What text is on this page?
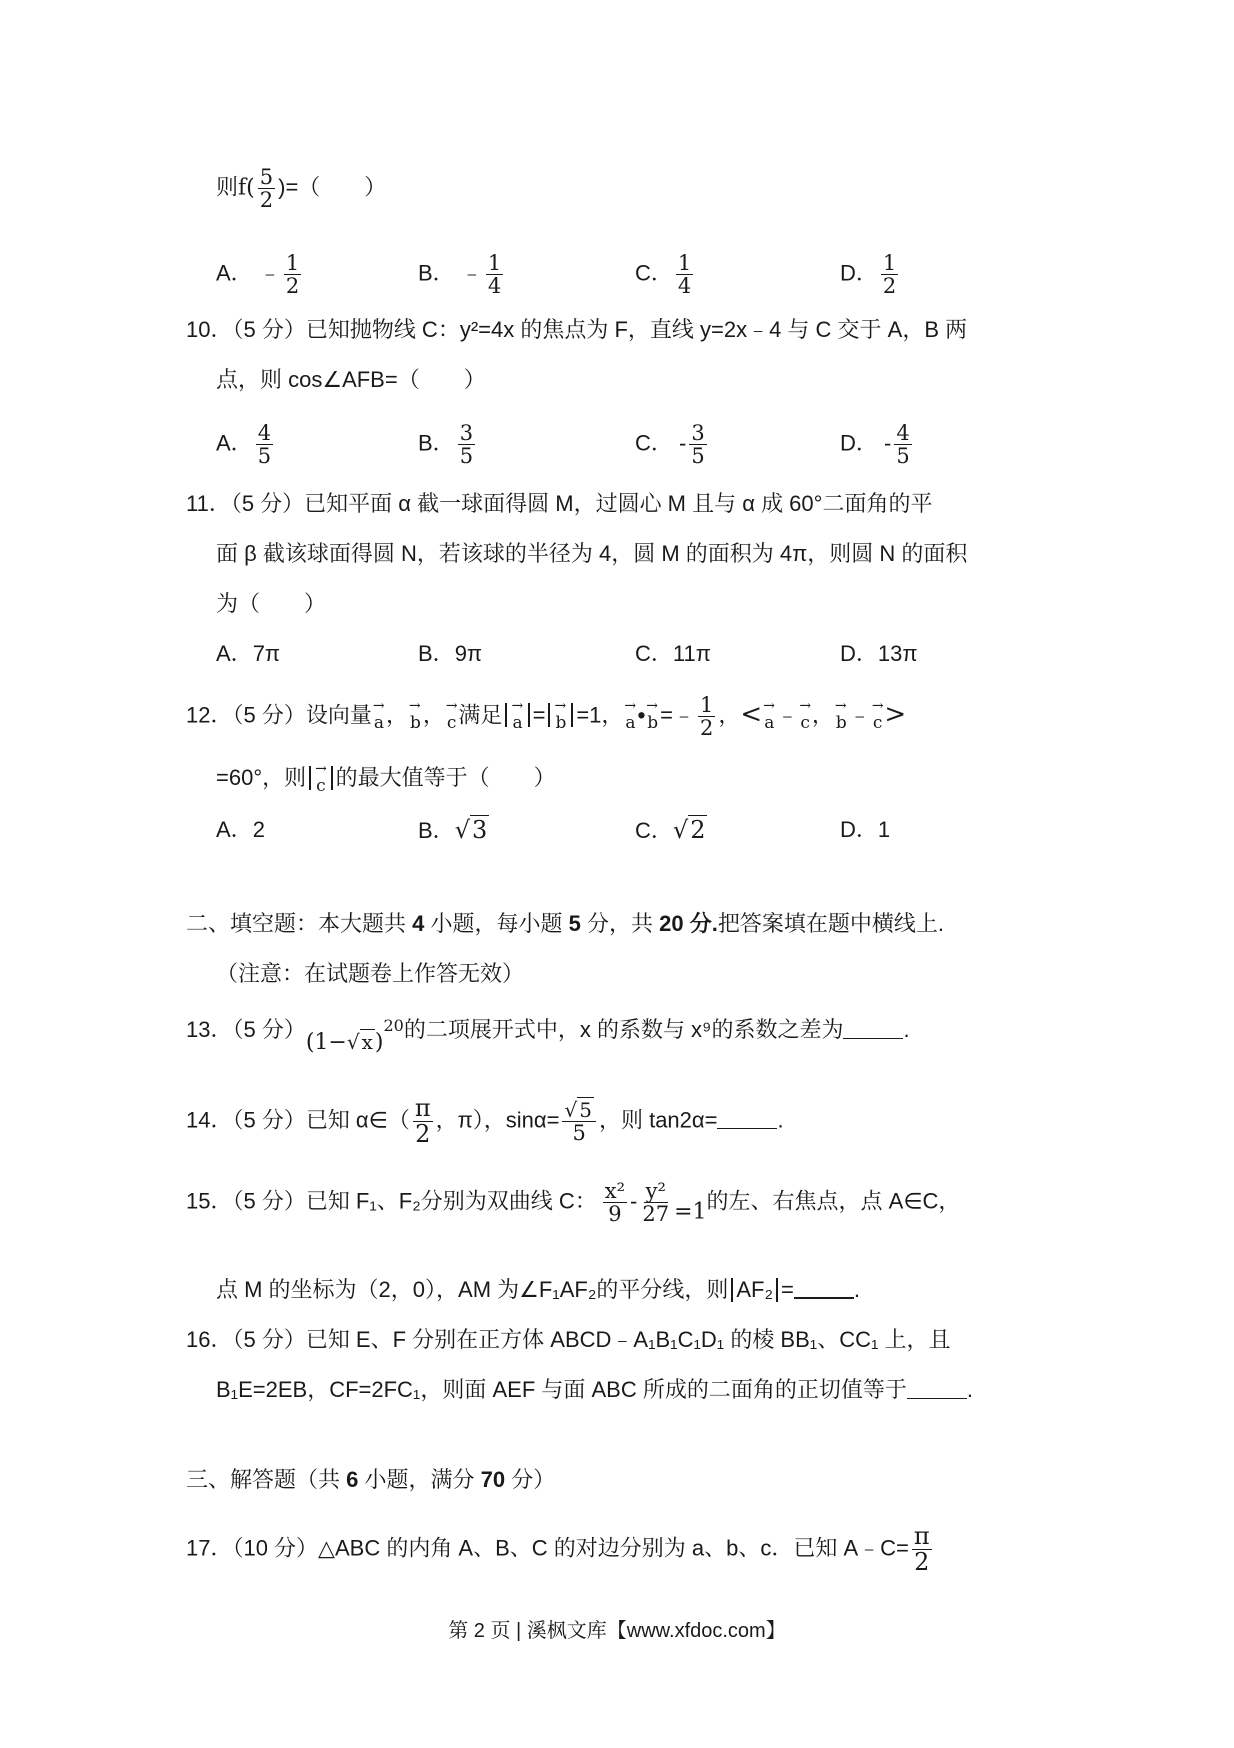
则$f( \frac{5}{2}$ )=（　　）
A． ﹣ $\frac{1}{2}$	B． ﹣ $\frac{1}{4}$	C． $\frac{1}{4}$	D． $\frac{1}{2}$
10．（5 分）已知抛物线 C：y²=4x 的焦点为 F，直线 y=2x﹣4 与 C 交于 A，B 两
点，则 cos∠AFB=（　　）
A． $\frac{4}{5}$	B． $\frac{3}{5}$	C． - $\frac{3}{5}$	D． - $\frac{4}{5}$
11．（5 分）已知平面 α 截一球面得圆 M，过圆心 M 且与 α 成 60°二面角的平
面 β 截该球面得圆 N，若该球的半径为 4，圆 M 的面积为 4π，则圆 N 的面积
为（　　）
A．7π	B．9π	C．11π	D．13π
12．（5 分）设向量 → a， → b， → c满足 → a = → b =1， → a• → b=﹣ $\frac{1}{2}$ ，< → a﹣ → c， → b﹣ → c>
=60°，则 → c 的最大值等于（　　）
A．2	B．√3	C．√2	D．1
二、填空题：本大题共 4 小题，每小题 5 分，共 20 分.把答案填在题中横线上.
（注意：在试题卷上作答无效）
13．（5 分）(1−√ x)$^{20}$的二项展开式中，x 的系数与 x⁹的系数之差为	.
14．（5 分）已知 α∈（ $\frac{\pi}{2}$ ，π），$\sin\alpha= \frac{√ 5}{5}$ ，则 tan2α=	.
15．（5 分）已知 F₁、F₂分别为双曲线 C： $\frac{\text{x²}}{9} - \frac{\text{y²}}{27} =1$的左、右焦点，点 A∈C，
点 M 的坐标为（2，0），AM 为∠F₁AF₂的平分线，则 AF₂ =	.
16．（5 分）已知 E、F 分别在正方体 ABCD﹣A₁B₁C₁D₁ 的棱 BB₁、CC₁ 上，且
B₁E=2EB，CF=2FC₁，则面 AEF 与面 ABC 所成的二面角的正切值等于	.
三、解答题（共 6 小题，满分 70 分）
17．（10 分）△ABC 的内角 A、B、C 的对边分别为 a、b、c．已知 A﹣C= $\frac{\pi}{2}$
第 2 页 | 溪枫文库【www.xfdoc.com】
